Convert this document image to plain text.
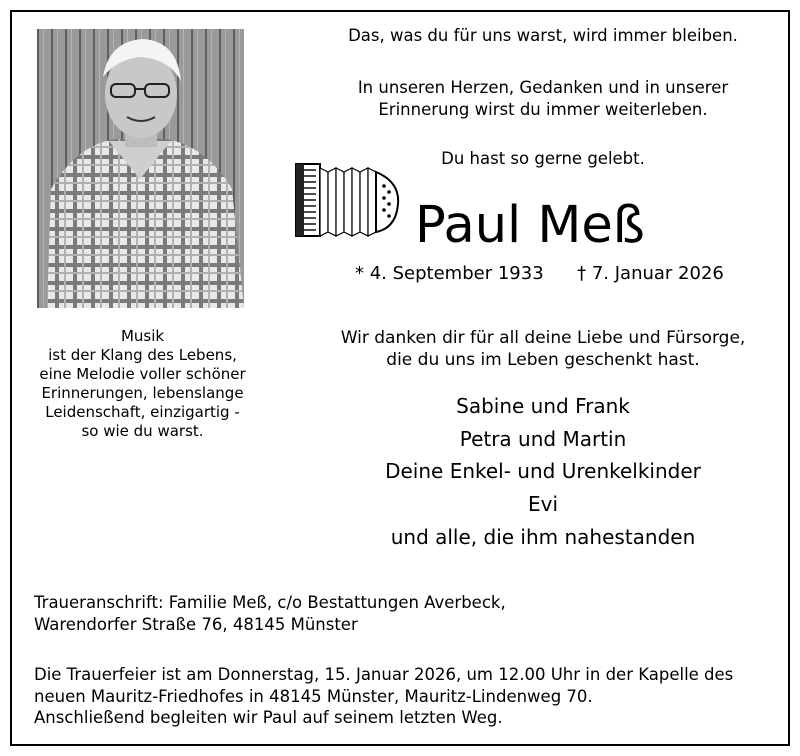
Musik
ist der Klang des Lebens,
eine Melodie voller schöner
Erinnerungen, lebenslange
Leidenschaft, einzigartig -
so wie du warst.
Das, was du für uns warst, wird immer bleiben.
In unseren Herzen, Gedanken und in unserer
Erinnerung wirst du immer weiterleben.
Du hast so gerne gelebt.
Paul Meß
* 4. September 1933 † 7. Januar 2026
Wir danken dir für all deine Liebe und Fürsorge,
die du uns im Leben geschenkt hast.
Sabine und Frank
Petra und Martin
Deine Enkel- und Urenkelkinder
Evi
und alle, die ihm nahestanden
Traueranschrift: Familie Meß, c/o Bestattungen Averbeck,
Warendorfer Straße 76, 48145 Münster
Die Trauerfeier ist am Donnerstag, 15. Januar 2026, um 12.00 Uhr in der Kapelle des
neuen Mauritz-Friedhofes in 48145 Münster, Mauritz-Lindenweg 70.
Anschließend begleiten wir Paul auf seinem letzten Weg.
